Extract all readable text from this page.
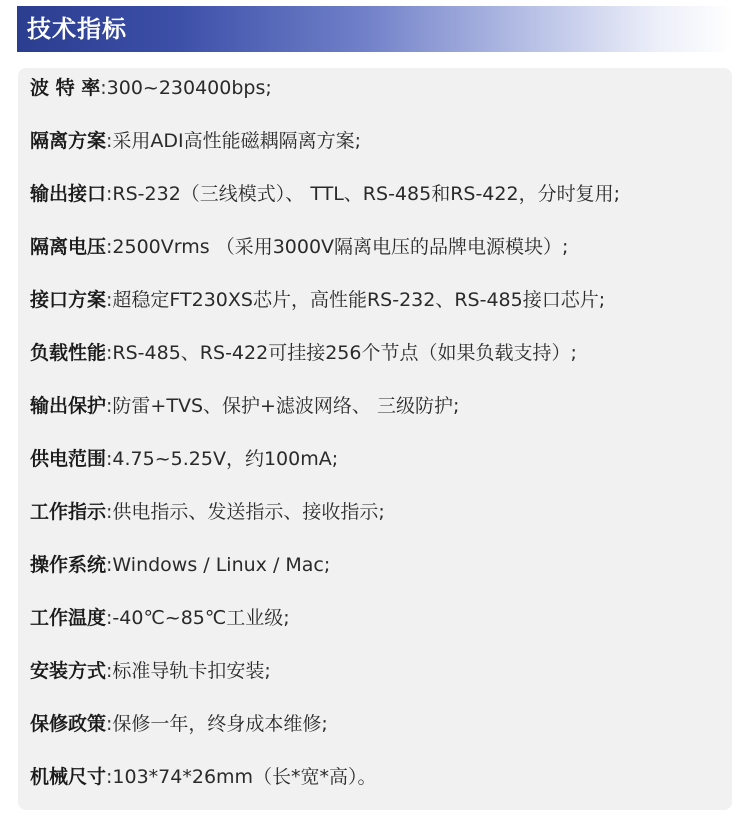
技术指标
波 特 率:300~230400bps;
隔离方案:采用ADI高性能磁耦隔离方案;
输出接口:RS-232（三线模式）、 TTL、RS-485和RS-422，分时复用;
隔离电压:2500Vrms （采用3000V隔离电压的品牌电源模块）;
接口方案:超稳定FT230XS芯片，高性能RS-232、RS-485接口芯片;
负载性能:RS-485、RS-422可挂接256个节点（如果负载支持）;
输出保护:防雷+TVS、保护+滤波网络、 三级防护;
供电范围:4.75~5.25V，约100mA;
工作指示:供电指示、发送指示、接收指示;
操作系统:Windows / Linux / Mac;
工作温度:-40℃~85℃工业级;
安装方式:标准导轨卡扣安装;
保修政策:保修一年，终身成本维修;
机械尺寸:103*74*26mm（长*宽*高）。
